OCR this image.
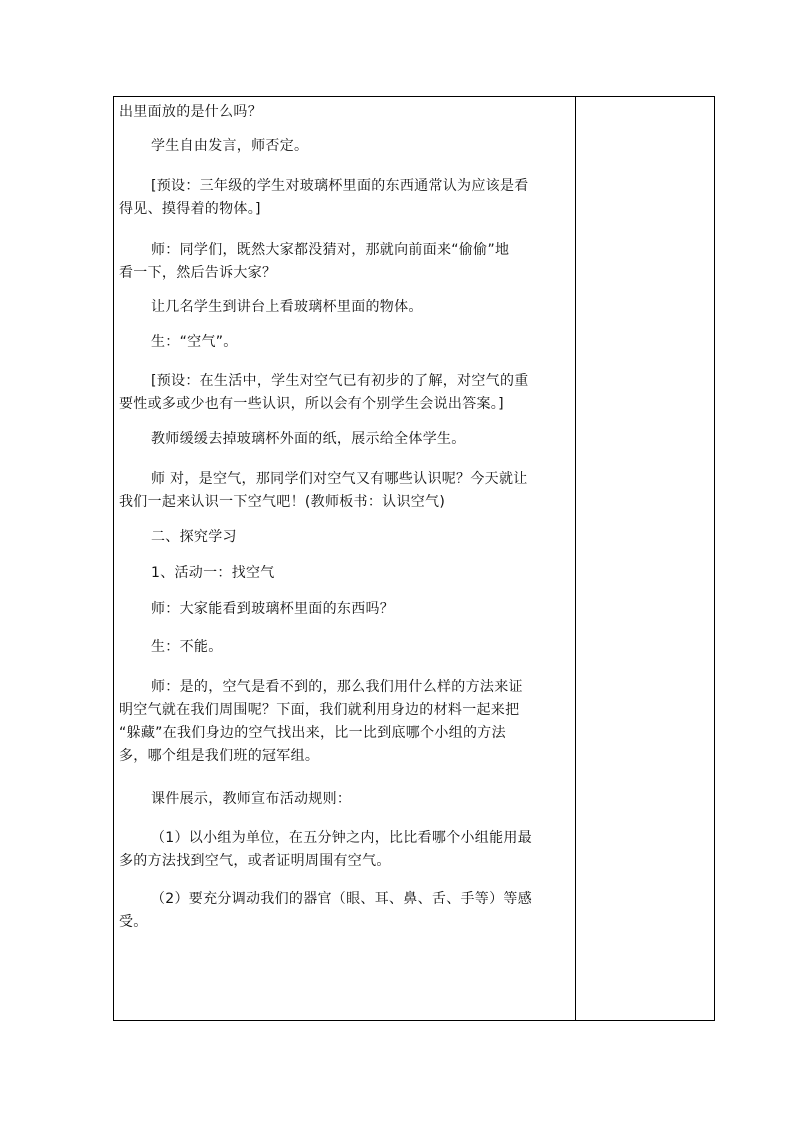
出里面放的是什么吗？
学生自由发言，师否定。
[预设：三年级的学生对玻璃杯里面的东西通常认为应该是看
得见、摸得着的物体。]
师：同学们，既然大家都没猜对，那就向前面来“偷偷”地
看一下，然后告诉大家？
让几名学生到讲台上看玻璃杯里面的物体。
生：“空气”。
[预设：在生活中，学生对空气已有初步的了解，对空气的重
要性或多或少也有一些认识，所以会有个别学生会说出答案。]
教师缓缓去掉玻璃杯外面的纸，展示给全体学生。
师 对，是空气，那同学们对空气又有哪些认识呢？今天就让
我们一起来认识一下空气吧！(教师板书：认识空气)
二、探究学习
1、活动一：找空气
师：大家能看到玻璃杯里面的东西吗？
生：不能。
师：是的，空气是看不到的，那么我们用什么样的方法来证
明空气就在我们周围呢？下面，我们就利用身边的材料一起来把
“躲藏”在我们身边的空气找出来，比一比到底哪个小组的方法
多，哪个组是我们班的冠军组。
课件展示，教师宣布活动规则：
（1）以小组为单位，在五分钟之内，比比看哪个小组能用最
多的方法找到空气，或者证明周围有空气。
（2）要充分调动我们的器官（眼、耳、鼻、舌、手等）等感
受。
